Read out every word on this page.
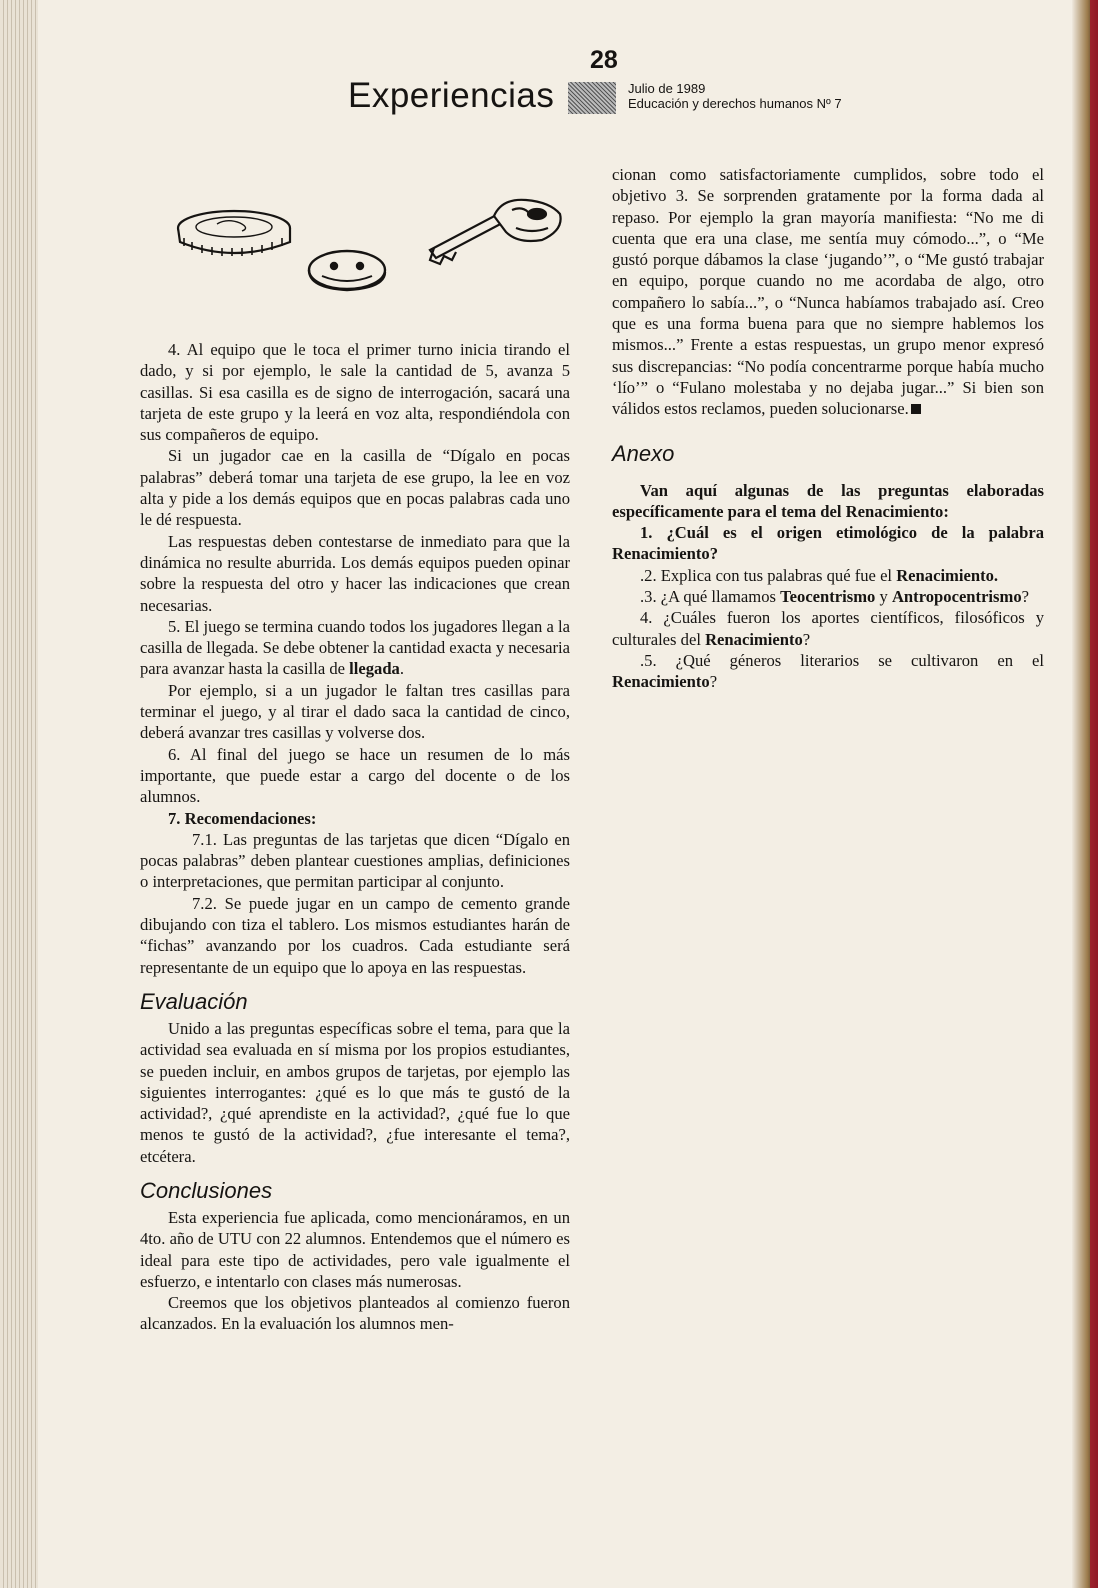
28
Experiencias	Julio de 1989
Educación y derechos humanos Nº 7

4. Al equipo que le toca el primer turno inicia tirando el dado, y si por ejemplo, le sale la cantidad de 5, avanza 5 casillas. Si esa casilla es de signo de interrogación, sacará una tarjeta de este grupo y la leerá en voz alta, respondiéndola con sus compañeros de equipo.

Si un jugador cae en la casilla de “Dígalo en pocas palabras” deberá tomar una tarjeta de ese grupo, la lee en voz alta y pide a los demás equipos que en pocas palabras cada uno le dé respuesta.

Las respuestas deben contestarse de inmediato para que la dinámica no resulte aburrida. Los demás equipos pueden opinar sobre la respuesta del otro y hacer las indicaciones que crean necesarias.

5. El juego se termina cuando todos los jugadores llegan a la casilla de llegada. Se debe obtener la cantidad exacta y necesaria para avanzar hasta la casilla de llegada.

Por ejemplo, si a un jugador le faltan tres casillas para terminar el juego, y al tirar el dado saca la cantidad de cinco, deberá avanzar tres casillas y volverse dos.

6. Al final del juego se hace un resumen de lo más importante, que puede estar a cargo del docente o de los alumnos.

7. Recomendaciones:

7.1. Las preguntas de las tarjetas que dicen “Dígalo en pocas palabras” deben plantear cuestiones amplias, definiciones o interpretaciones, que permitan participar al conjunto.

7.2. Se puede jugar en un campo de cemento grande dibujando con tiza el tablero. Los mismos estudiantes harán de “fichas” avanzando por los cuadros. Cada estudiante será representante de un equipo que lo apoya en las respuestas.

Evaluación

Unido a las preguntas específicas sobre el tema, para que la actividad sea evaluada en sí misma por los propios estudiantes, se pueden incluir, en ambos grupos de tarjetas, por ejemplo las siguientes interrogantes: ¿qué es lo que más te gustó de la actividad?, ¿qué aprendiste en la actividad?, ¿qué fue lo que menos te gustó de la actividad?, ¿fue interesante el tema?, etcétera.

Conclusiones

Esta experiencia fue aplicada, como mencionáramos, en un 4to. año de UTU con 22 alumnos. Entendemos que el número es ideal para este tipo de actividades, pero vale igualmente el esfuerzo, e intentarlo con clases más numerosas.

Creemos que los objetivos planteados al comienzo fueron alcanzados. En la evaluación los alumnos men-

cionan como satisfactoriamente cumplidos, sobre todo el objetivo 3. Se sorprenden gratamente por la forma dada al repaso. Por ejemplo la gran mayoría manifiesta: “No me di cuenta que era una clase, me sentía muy cómodo...”, o “Me gustó porque dábamos la clase ‘jugando’”, o “Me gustó trabajar en equipo, porque cuando no me acordaba de algo, otro compañero lo sabía...”, o “Nunca habíamos trabajado así. Creo que es una forma buena para que no siempre hablemos los mismos...” Frente a estas respuestas, un grupo menor expresó sus discrepancias: “No podía concentrarme porque había mucho ‘lío’” o “Fulano molestaba y no dejaba jugar...” Si bien son válidos estos reclamos, pueden solucionarse.

Anexo

Van aquí algunas de las preguntas elaboradas específicamente para el tema del Renacimiento:

1. ¿Cuál es el origen etimológico de la palabra Renacimiento?

.2. Explica con tus palabras qué fue el Renacimiento.

.3. ¿A qué llamamos Teocentrismo y Antropocentrismo?

4. ¿Cuáles fueron los aportes científicos, filosóficos y culturales del Renacimiento?

.5. ¿Qué géneros literarios se cultivaron en el Renacimiento?
